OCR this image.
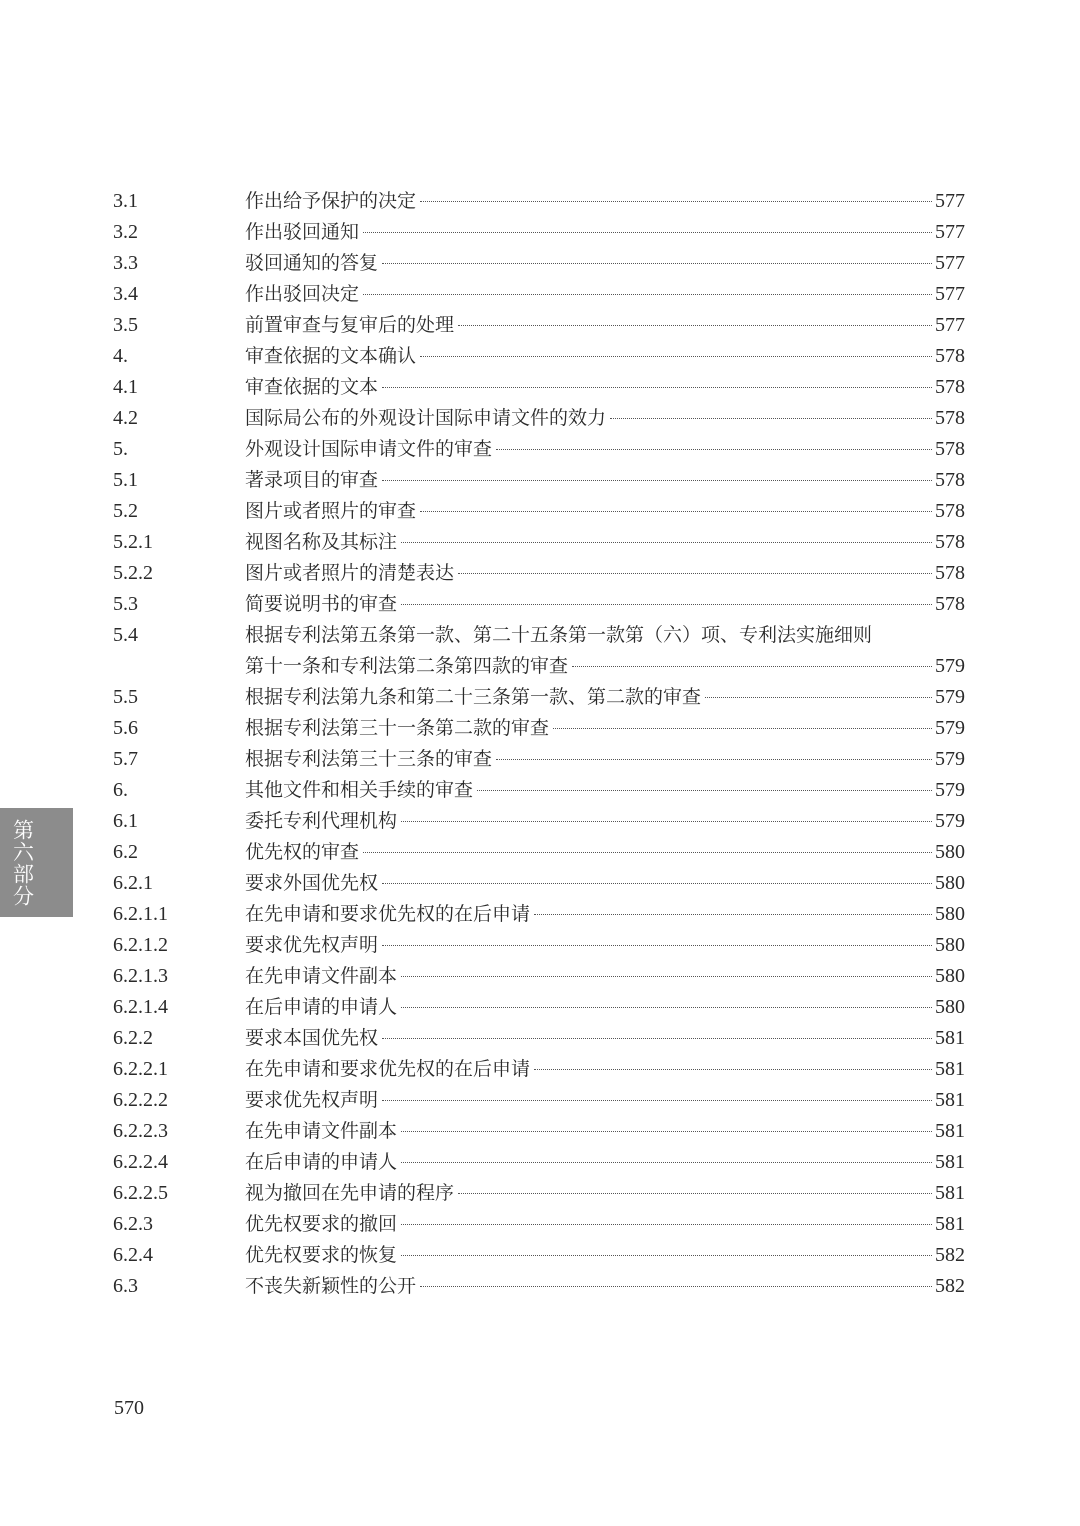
3.1	作出给予保护的决定	577
3.2	作出驳回通知	577
3.3	驳回通知的答复	577
3.4	作出驳回决定	577
3.5	前置审查与复审后的处理	577
4.	审查依据的文本确认	578
4.1	审查依据的文本	578
4.2	国际局公布的外观设计国际申请文件的效力	578
5.	外观设计国际申请文件的审查	578
5.1	著录项目的审查	578
5.2	图片或者照片的审查	578
5.2.1	视图名称及其标注	578
5.2.2	图片或者照片的清楚表达	578
5.3	简要说明书的审查	578
5.4	根据专利法第五条第一款、第二十五条第一款第（六）项、专利法实施细则
第十一条和专利法第二条第四款的审查	579
5.5	根据专利法第九条和第二十三条第一款、第二款的审查	579
5.6	根据专利法第三十一条第二款的审查	579
5.7	根据专利法第三十三条的审查	579
6.	其他文件和相关手续的审查	579
6.1	委托专利代理机构	579
6.2	优先权的审查	580
6.2.1	要求外国优先权	580
6.2.1.1	在先申请和要求优先权的在后申请	580
6.2.1.2	要求优先权声明	580
6.2.1.3	在先申请文件副本	580
6.2.1.4	在后申请的申请人	580
6.2.2	要求本国优先权	581
6.2.2.1	在先申请和要求优先权的在后申请	581
6.2.2.2	要求优先权声明	581
6.2.2.3	在先申请文件副本	581
6.2.2.4	在后申请的申请人	581
6.2.2.5	视为撤回在先申请的程序	581
6.2.3	优先权要求的撤回	581
6.2.4	优先权要求的恢复	582
6.3	不丧失新颖性的公开	582
第六部分
570
